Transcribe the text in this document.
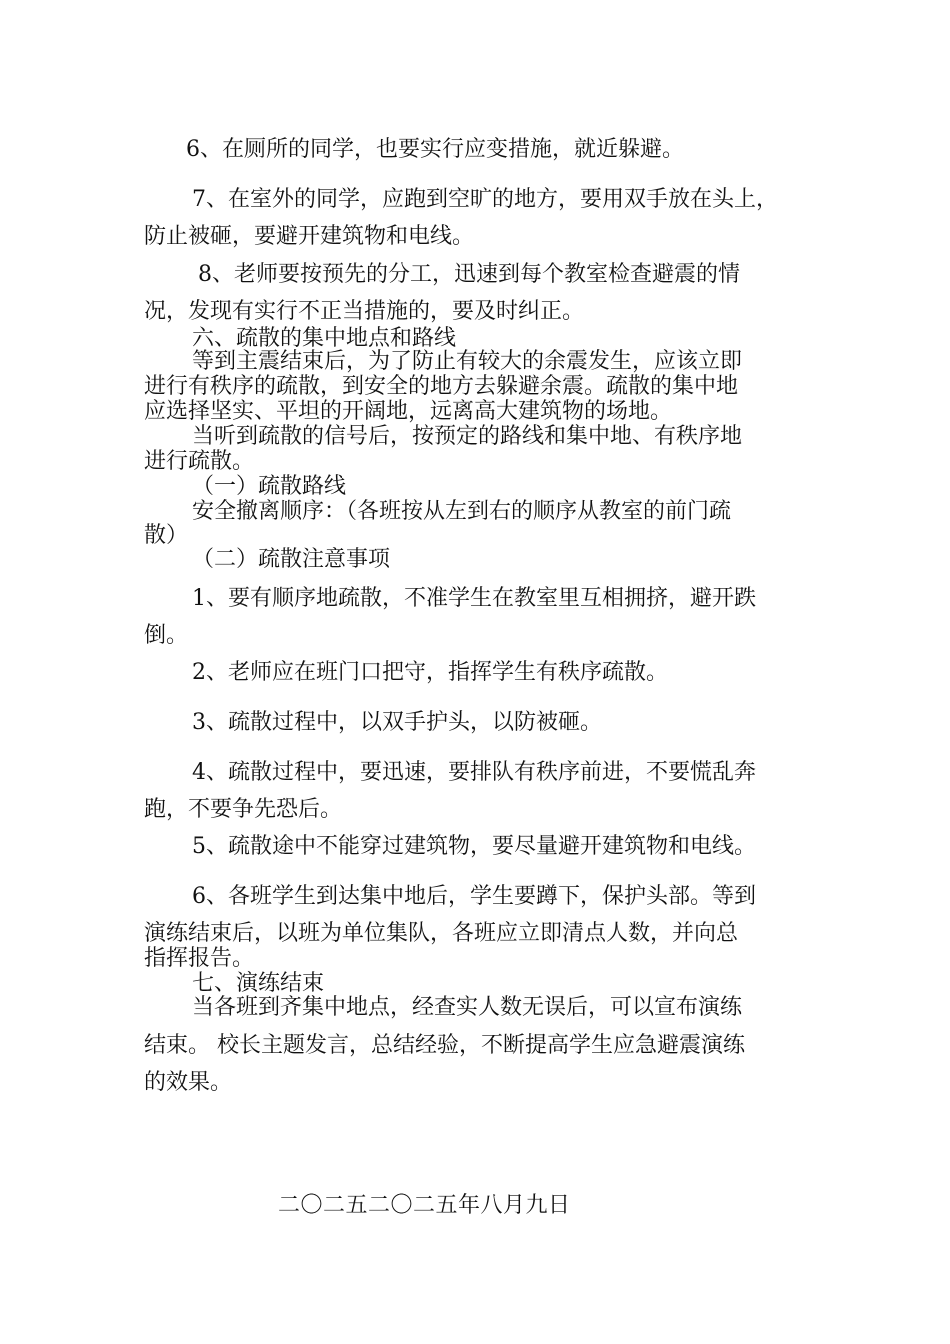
6、在厕所的同学，也要实行应变措施，就近躲避。

7、在室外的同学，应跑到空旷的地方，要用双手放在头上，

防止被砸，要避开建筑物和电线。

8、老师要按预先的分工，迅速到每个教室检查避震的情

况，发现有实行不正当措施的，要及时纠正。

六、疏散的集中地点和路线

等到主震结束后，为了防止有较大的余震发生，应该立即

进行有秩序的疏散，到安全的地方去躲避余震。疏散的集中地

应选择坚实、平坦的开阔地，远离高大建筑物的场地。

当听到疏散的信号后，按预定的路线和集中地、有秩序地

进行疏散。

（一）疏散路线

安全撤离顺序：（各班按从左到右的顺序从教室的前门疏

散）

（二）疏散注意事项

1、要有顺序地疏散，不准学生在教室里互相拥挤，避开跌

倒。

2、老师应在班门口把守，指挥学生有秩序疏散。

3、疏散过程中，以双手护头，以防被砸。

4、疏散过程中，要迅速，要排队有秩序前进，不要慌乱奔

跑，不要争先恐后。

5、疏散途中不能穿过建筑物，要尽量避开建筑物和电线。

6、各班学生到达集中地后，学生要蹲下，保护头部。等到

演练结束后，以班为单位集队，各班应立即清点人数，并向总

指挥报告。

七、演练结束

当各班到齐集中地点，经查实人数无误后，可以宣布演练

结束。 校长主题发言，总结经验，不断提高学生应急避震演练

的效果。

二〇二五二〇二五年八月九日
